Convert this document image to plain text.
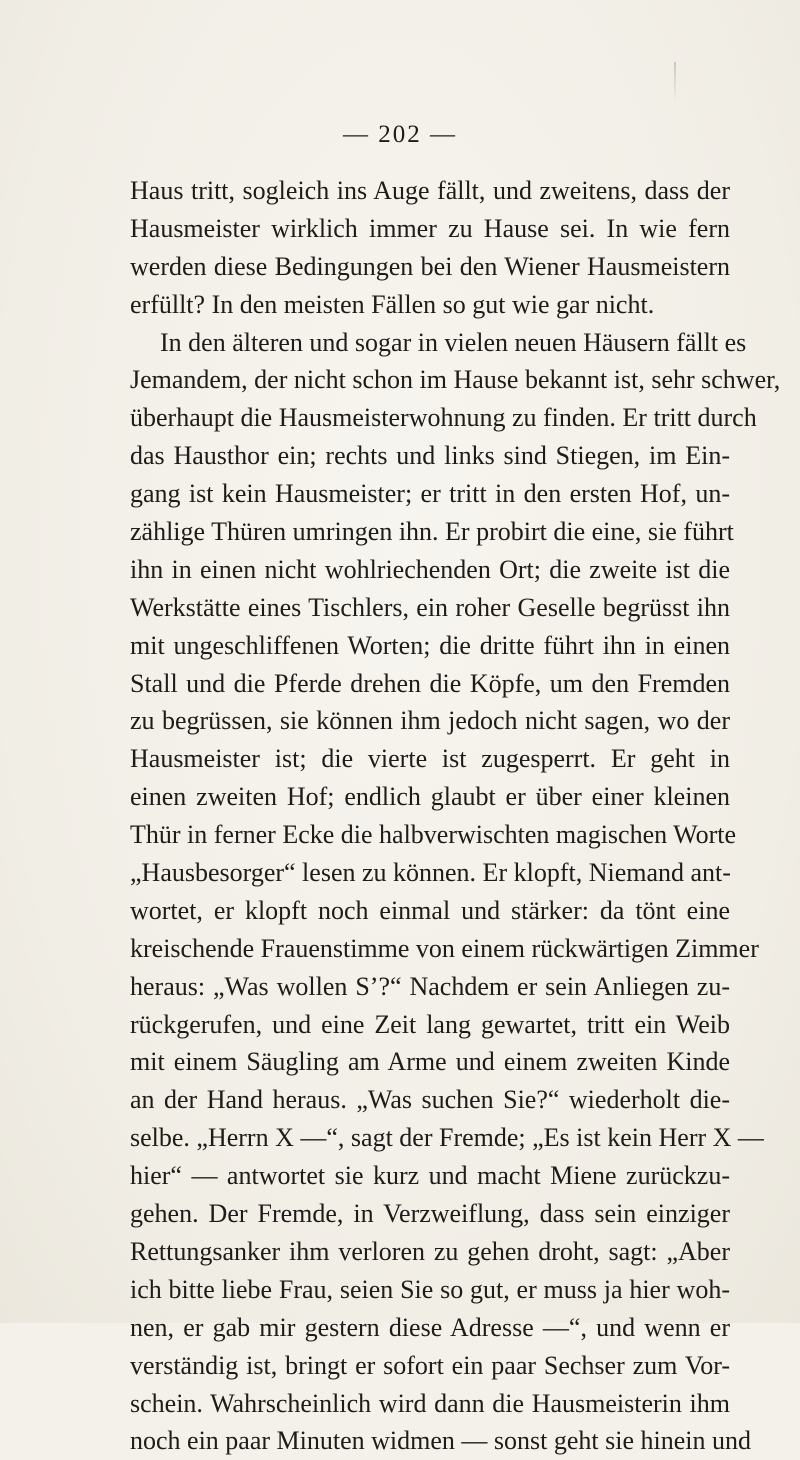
— 202 —

Haus tritt, sogleich ins Auge fällt, und zweitens, dass der
Hausmeister wirklich immer zu Hause sei. In wie fern
werden diese Bedingungen bei den Wiener Hausmeistern
erfüllt? In den meisten Fällen so gut wie gar nicht.
In den älteren und sogar in vielen neuen Häusern fällt es
Jemandem, der nicht schon im Hause bekannt ist, sehr schwer,
überhaupt die Hausmeisterwohnung zu finden. Er tritt durch
das Hausthor ein; rechts und links sind Stiegen, im Ein-
gang ist kein Hausmeister; er tritt in den ersten Hof, un-
zählige Thüren umringen ihn. Er probirt die eine, sie führt
ihn in einen nicht wohlriechenden Ort; die zweite ist die
Werkstätte eines Tischlers, ein roher Geselle begrüsst ihn
mit ungeschliffenen Worten; die dritte führt ihn in einen
Stall und die Pferde drehen die Köpfe, um den Fremden
zu begrüssen, sie können ihm jedoch nicht sagen, wo der
Hausmeister ist; die vierte ist zugesperrt. Er geht in
einen zweiten Hof; endlich glaubt er über einer kleinen
Thür in ferner Ecke die halbverwischten magischen Worte
„Hausbesorger“ lesen zu können. Er klopft, Niemand ant-
wortet, er klopft noch einmal und stärker: da tönt eine
kreischende Frauenstimme von einem rückwärtigen Zimmer
heraus: „Was wollen S’?“ Nachdem er sein Anliegen zu-
rückgerufen, und eine Zeit lang gewartet, tritt ein Weib
mit einem Säugling am Arme und einem zweiten Kinde
an der Hand heraus. „Was suchen Sie?“ wiederholt die-
selbe. „Herrn X —“, sagt der Fremde; „Es ist kein Herr X —
hier“ — antwortet sie kurz und macht Miene zurückzu-
gehen. Der Fremde, in Verzweiflung, dass sein einziger
Rettungsanker ihm verloren zu gehen droht, sagt: „Aber
ich bitte liebe Frau, seien Sie so gut, er muss ja hier woh-
nen, er gab mir gestern diese Adresse —“, und wenn er
verständig ist, bringt er sofort ein paar Sechser zum Vor-
schein. Wahrscheinlich wird dann die Hausmeisterin ihm
noch ein paar Minuten widmen — sonst geht sie hinein und
